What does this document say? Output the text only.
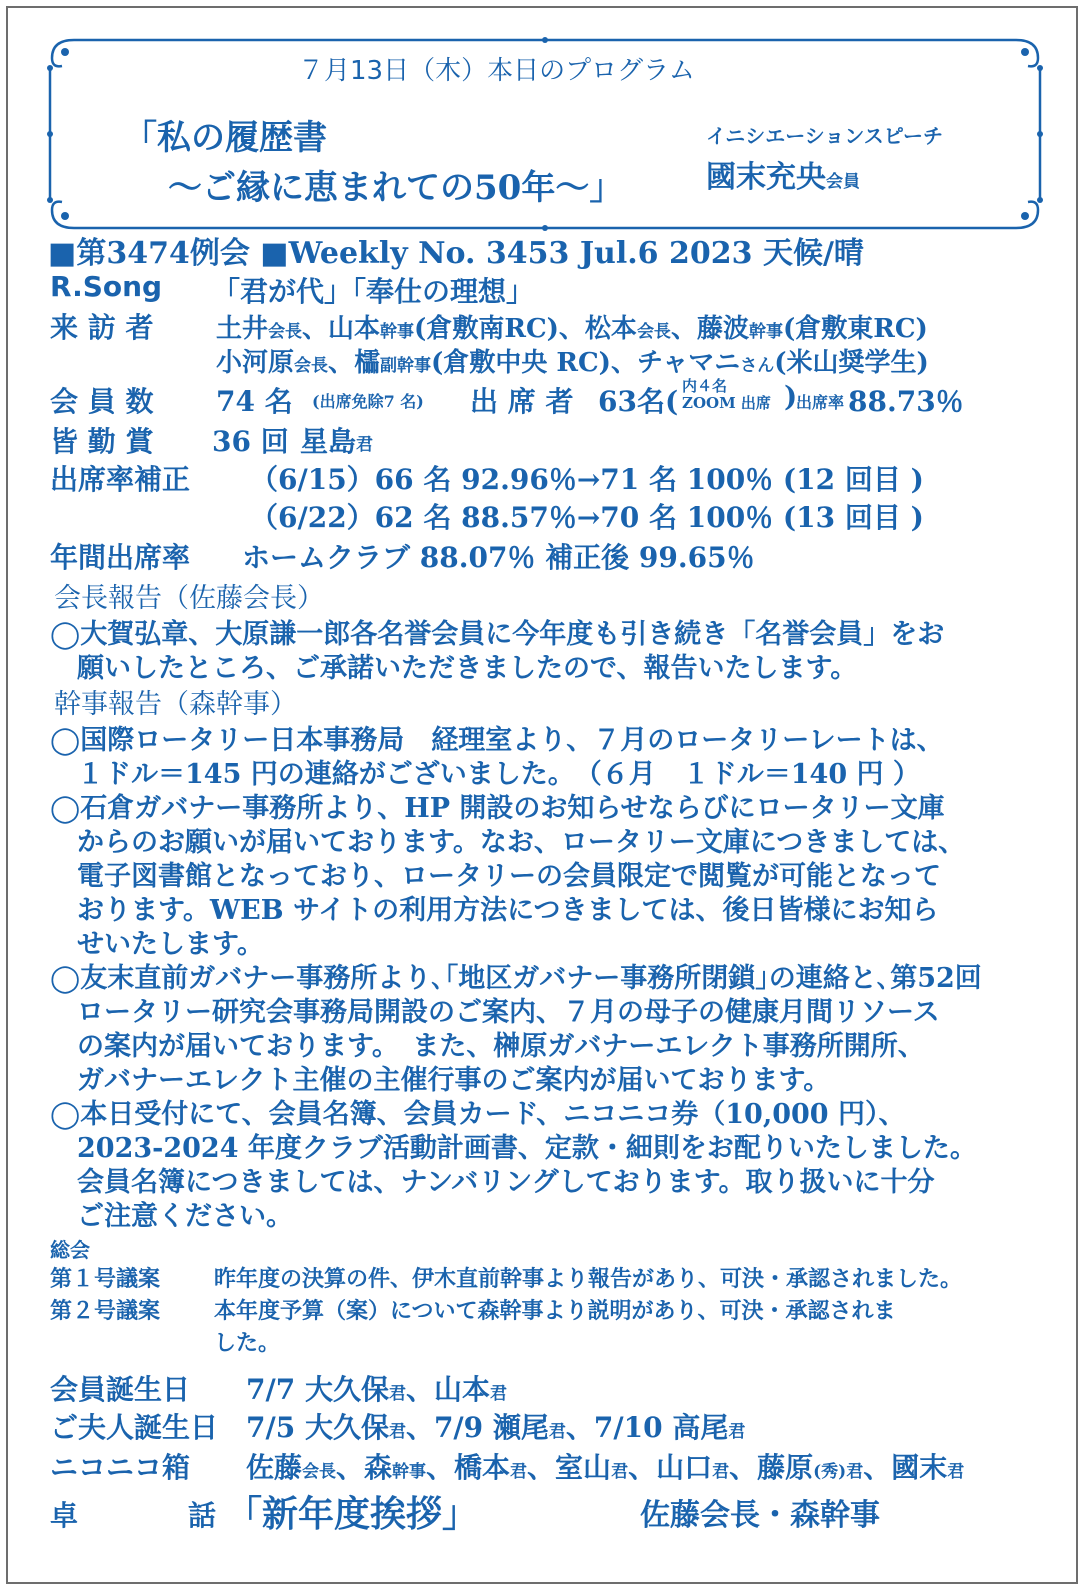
７月13日（木）本日のプログラム
「私の履歴書
～ご縁に恵まれての50年～」
イニシエーションスピーチ
國末充央会員
■第3474例会 ■Weekly No. 3453 Jul.6 2023 天候/晴
R.Song 「君が代」「奉仕の理想」
来 訪 者 土井会長、山本幹事(倉敷南RC)、松本会長、藤波幹事(倉敷東RC)
小河原会長、櫺副幹事(倉敷中央 RC)、チャマニさん(米山奨学生)
会 員 数 74 名 (出席免除7 名) 出 席 者 63名( 内４名
ZOOM 出席 )
出席率 88.73％
皆 勤 賞 36 回 星島 君
出席率補正 （6/15）66 名 92.96％→71 名 100％ (12 回目 )
（6/22）62 名 88.57％→70 名 100％ (13 回目 )
年間出席率 ホームクラブ 88.07％ 補正後 99.65％
会長報告（佐藤会長）
◯大賀弘章、大原謙一郎各名誉会員に今年度も引き続き「名誉会員」をお
　願いしたところ、ご承諾いただきましたので、報告いたします。
幹事報告（森幹事）
◯国際ロータリー日本事務局　経理室より、７月のロータリーレートは、
　１ドル＝145 円の連絡がございました。　（６月　１ドル＝140 円 ）
◯石倉ガバナー事務所より、HP 開設のお知らせならびにロータリー文庫
　からのお願いが届いております。なお、ロータリー文庫につきましては、
　電子図書館となっており、ロータリーの会員限定で閲覧が可能となって
　おります。WEB サイトの利用方法につきましては、後日皆様にお知ら
　せいたします。
◯友末直前ガバナー事務所より､｢地区ガバナー事務所閉鎖｣の連絡と､第52回
　ロータリー研究会事務局開設のご案内、７月の母子の健康月間リソース
　の案内が届いております。　また、榊原ガバナーエレクト事務所開所、
　ガバナーエレクト主催の主催行事のご案内が届いております。
◯本日受付にて、会員名簿、会員カード、ニコニコ券（10,000 円）、
　2023-2024 年度クラブ活動計画書、定款・細則をお配りいたしました。
　会員名簿につきましては、ナンバリングしております。取り扱いに十分
　ご注意ください。
総会
第１号議案 昨年度の決算の件、伊木直前幹事より報告があり、可決・承認されました。
第２号議案 本年度予算（案）について森幹事より説明があり、可決・承認されま
した。
会員誕生日 7/7 大久保君、山本君
ご夫人誕生日 7/5 大久保君、7/9 瀬尾君、7/10 高尾君
ニコニコ箱 佐藤会長、森幹事、橋本君、室山君、山口君、藤原(秀)君、國末君
卓	話 「新年度挨拶」	佐藤会長・森幹事
